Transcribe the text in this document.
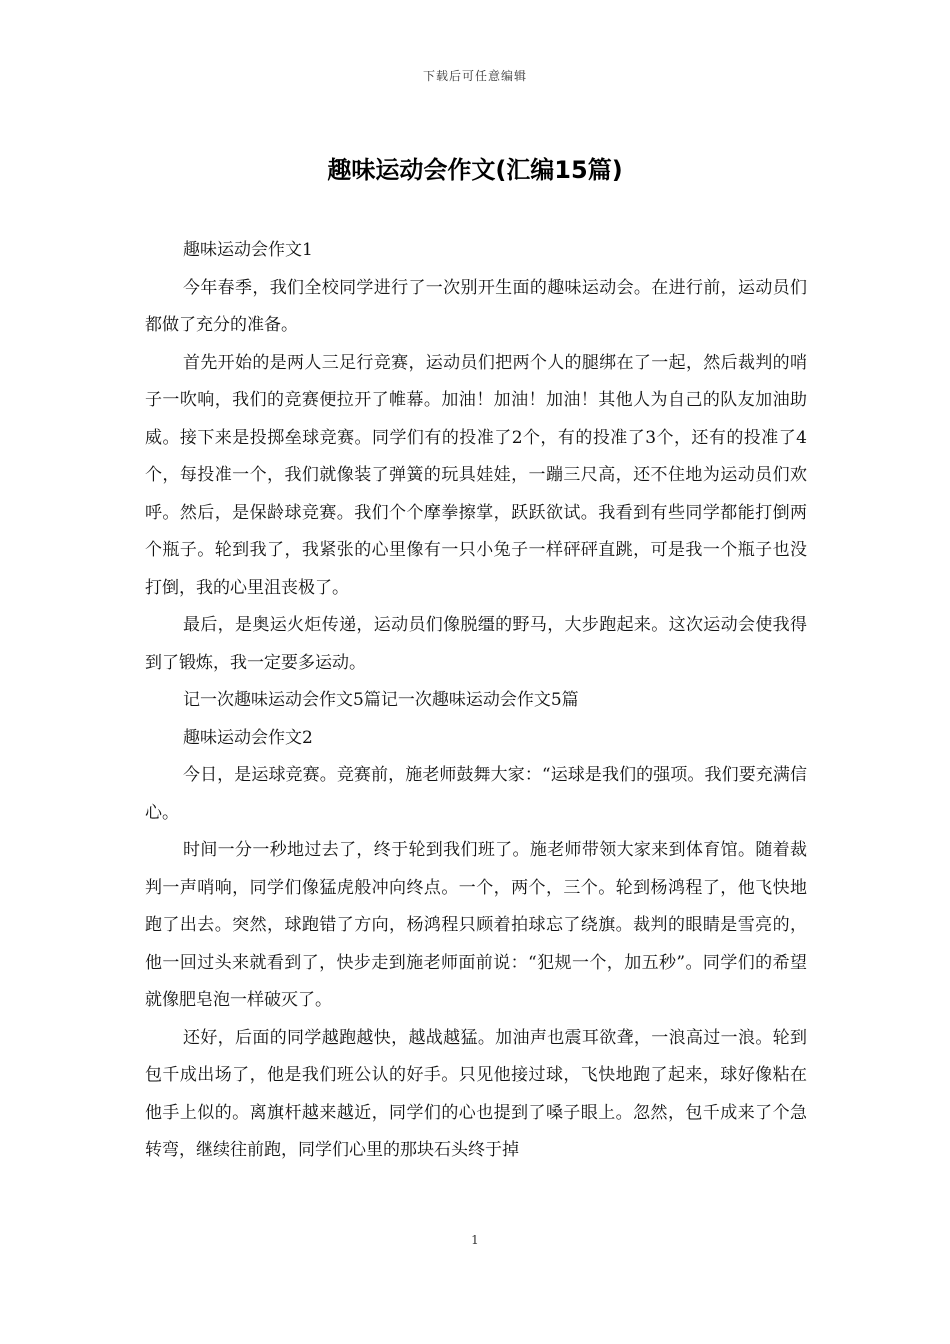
下载后可任意编辑
趣味运动会作文(汇编15篇)

趣味运动会作文1

今年春季，我们全校同学进行了一次别开生面的趣味运动会。在进行前，运动员们都做了充分的准备。

首先开始的是两人三足行竞赛，运动员们把两个人的腿绑在了一起，然后裁判的哨子一吹响，我们的竞赛便拉开了帷幕。加油！加油！加油！其他人为自己的队友加油助威。接下来是投掷垒球竞赛。同学们有的投准了2个，有的投准了3个，还有的投准了4个，每投准一个，我们就像装了弹簧的玩具娃娃，一蹦三尺高，还不住地为运动员们欢呼。然后，是保龄球竞赛。我们个个摩拳擦掌，跃跃欲试。我看到有些同学都能打倒两个瓶子。轮到我了，我紧张的心里像有一只小兔子一样砰砰直跳，可是我一个瓶子也没打倒，我的心里沮丧极了。

最后，是奥运火炬传递，运动员们像脱缰的野马，大步跑起来。这次运动会使我得到了锻炼，我一定要多运动。

记一次趣味运动会作文5篇记一次趣味运动会作文5篇

趣味运动会作文2

今日，是运球竞赛。竞赛前，施老师鼓舞大家：“运球是我们的强项。我们要充满信心。

时间一分一秒地过去了，终于轮到我们班了。施老师带领大家来到体育馆。随着裁判一声哨响，同学们像猛虎般冲向终点。一个，两个，三个。轮到杨鸿程了，他飞快地跑了出去。突然，球跑错了方向，杨鸿程只顾着拍球忘了绕旗。裁判的眼睛是雪亮的，他一回过头来就看到了，快步走到施老师面前说：“犯规一个，加五秒”。同学们的希望就像肥皂泡一样破灭了。

还好，后面的同学越跑越快，越战越猛。加油声也震耳欲聋，一浪高过一浪。轮到包千成出场了，他是我们班公认的好手。只见他接过球，飞快地跑了起来，球好像粘在他手上似的。离旗杆越来越近，同学们的心也提到了嗓子眼上。忽然，包千成来了个急转弯，继续往前跑，同学们心里的那块石头终于掉

1
